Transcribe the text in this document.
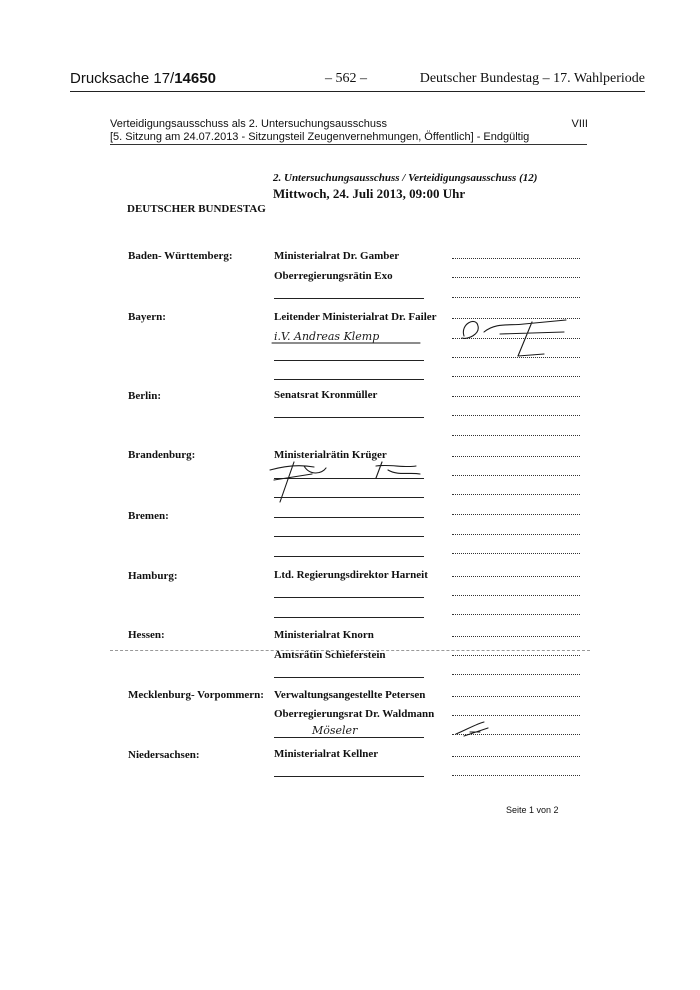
Drucksache 17/14650	– 562 –	Deutscher Bundestag – 17. Wahlperiode
Verteidigungsausschuss als 2. Untersuchungsausschuss	VIII
[5. Sitzung am 24.07.2013 - Sitzungsteil Zeugenvernehmungen, Öffentlich] - Endgültig
2. Untersuchungsausschuss / Verteidigungsausschuss (12)
Mittwoch, 24. Juli 2013, 09:00 Uhr
DEUTSCHER BUNDESTAG
Baden- Württemberg:	Ministerialrat Dr. Gamber
Oberregierungsrätin Exo
Bayern:	Leitender Ministerialrat Dr. Failer
i.V. Andreas Klemp
Berlin:	Senatsrat Kronmüller
Brandenburg:	Ministerialrätin Krüger
Bremen:
Hamburg:	Ltd. Regierungsdirektor Harneit
Hessen:	Ministerialrat Knorn
Amtsrätin Schieferstein
Mecklenburg- Vorpommern: Verwaltungsangestellte Petersen
Oberregierungsrat Dr. Waldmann
Möseler
Niedersachsen:	Ministerialrat Kellner
Seite 1 von 2
